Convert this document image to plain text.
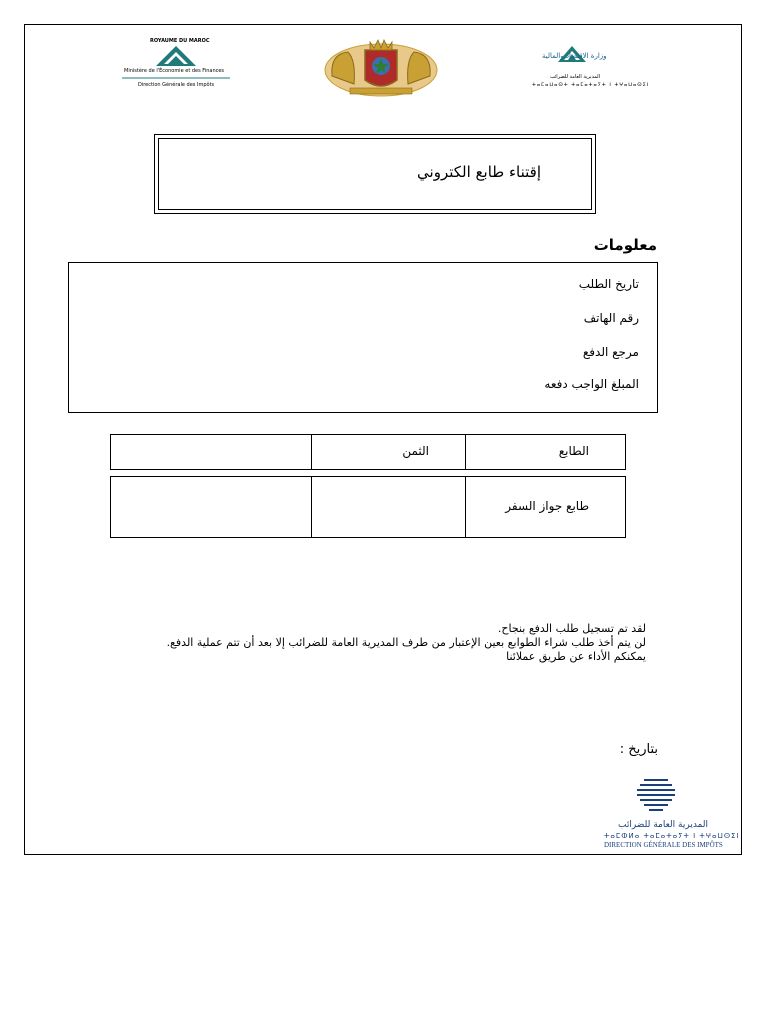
ROYAUME DU MAROC
Ministère de l'Économie et des Finances
Direction Générale des Impôts
وزارة الاقتصاد والمالية
المديرية العامة للضرائب
ⵜⴰⵎⴰⵡⴰⵙⵜ ⵜⴰⵎⴰⵜⴰⵢⵜ ⵏ ⵜⵖⴰⵡⴰⵙⵉⵏ
إقتناء طابع الكتروني
معلومات
تاريخ الطلب
رقم الهاتف
مرجع الدفع
المبلغ الواجب دفعه
الطابع
الثمن
طابع جواز السفر
لقد تم تسجيل طلب الدفع بنجاح.
لن يتم أخذ طلب شراء الطوابع بعين الإعتبار من طرف المديرية العامة للضرائب إلا بعد أن تتم عملية الدفع.
يمكنكم الأداء عن طريق عملائنا
بتاريخ :
المديرية العامة للضرائب
ⵜⴰⵎⵀⵍⴰ ⵜⴰⵎⴰⵜⴰⵢⵜ ⵏ ⵜⵖⴰⵡⵙⵉⵏ
DIRECTION GÉNÉRALE DES IMPÔTS
